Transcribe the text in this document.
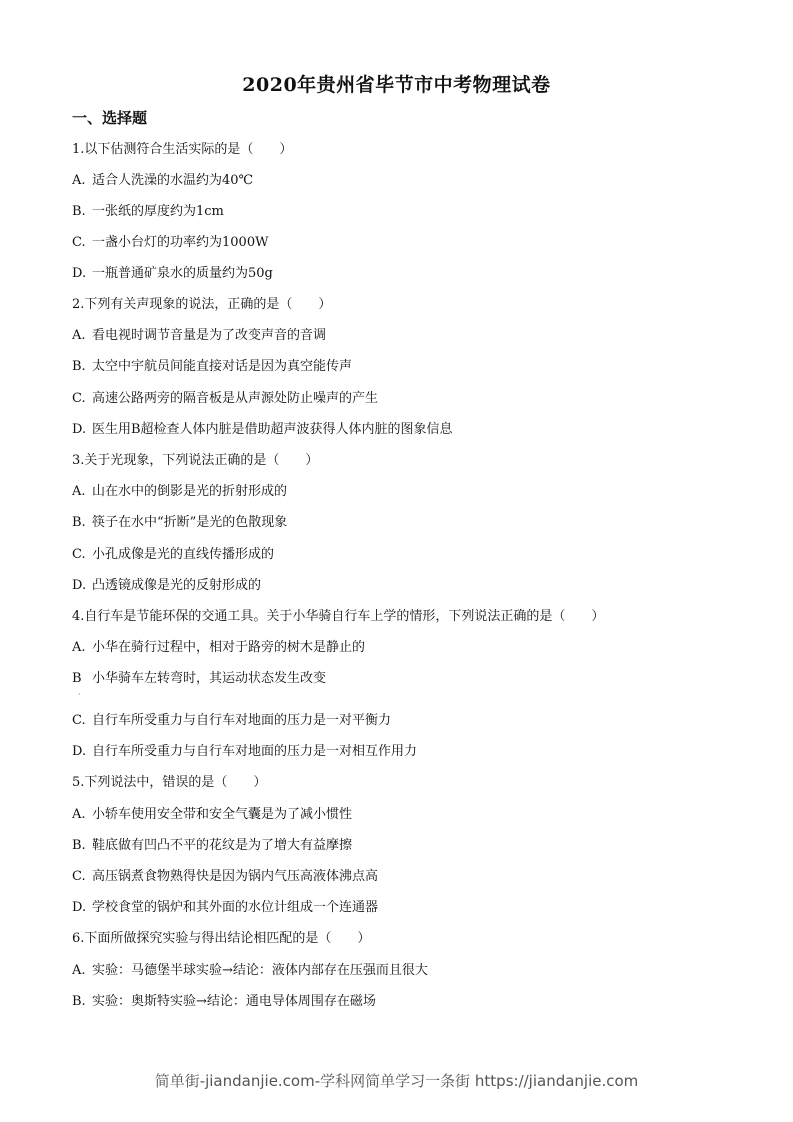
2020年贵州省毕节市中考物理试卷
一、选择题
1.以下估测符合生活实际的是（　　）
A. 适合人洗澡的水温约为40℃
B. 一张纸的厚度约为1cm
C. 一盏小台灯的功率约为1000W
D. 一瓶普通矿泉水的质量约为50g
2.下列有关声现象的说法，正确的是（　　）
A. 看电视时调节音量是为了改变声音的音调
B. 太空中宇航员间能直接对话是因为真空能传声
C. 高速公路两旁的隔音板是从声源处防止噪声的产生
D. 医生用B超检查人体内脏是借助超声波获得人体内脏的图象信息
3.关于光现象，下列说法正确的是（　　）
A. 山在水中的倒影是光的折射形成的
B. 筷子在水中“折断”是光的色散现象
C. 小孔成像是光的直线传播形成的
D. 凸透镜成像是光的反射形成的
4.自行车是节能环保的交通工具。关于小华骑自行车上学的情形，下列说法正确的是（　　）
A. 小华在骑行过程中，相对于路旁的树木是静止的
B 小华骑车左转弯时，其运动状态发生改变
·
C. 自行车所受重力与自行车对地面的压力是一对平衡力
D. 自行车所受重力与自行车对地面的压力是一对相互作用力
5.下列说法中，错误的是（　　）
A. 小轿车使用安全带和安全气囊是为了减小惯性
B. 鞋底做有凹凸不平的花纹是为了增大有益摩擦
C. 高压锅煮食物熟得快是因为锅内气压高液体沸点高
D. 学校食堂的锅炉和其外面的水位计组成一个连通器
6.下面所做探究实验与得出结论相匹配的是（　　）
A. 实验：马德堡半球实验→结论：液体内部存在压强而且很大
B. 实验：奥斯特实验→结论：通电导体周围存在磁场
简单街-jiandanjie.com-学科网简单学习一条街 https://jiandanjie.com
